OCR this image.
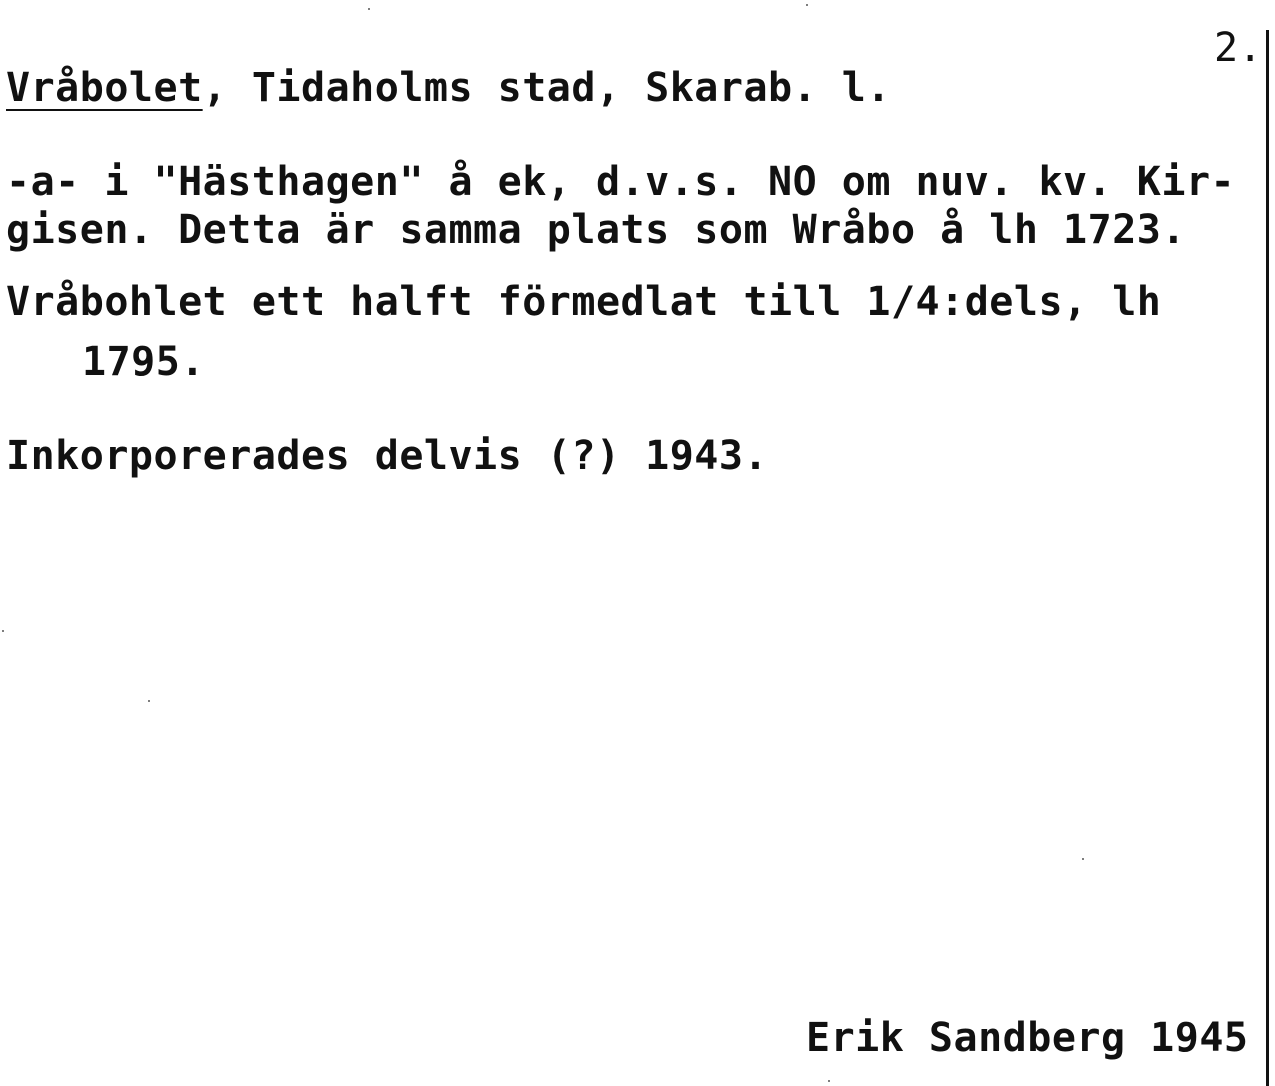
2.
Vråbolet, Tidaholms stad, Skarab. l.
-a- i "Hästhagen" å ek, d.v.s. NO om nuv. kv. Kir-
gisen. Detta är samma plats som Wråbo å lh 1723.
Vråbohlet ett halft förmedlat till 1/4:dels, lh
1795.
Inkorporerades delvis (?) 1943.
Erik Sandberg 1945
